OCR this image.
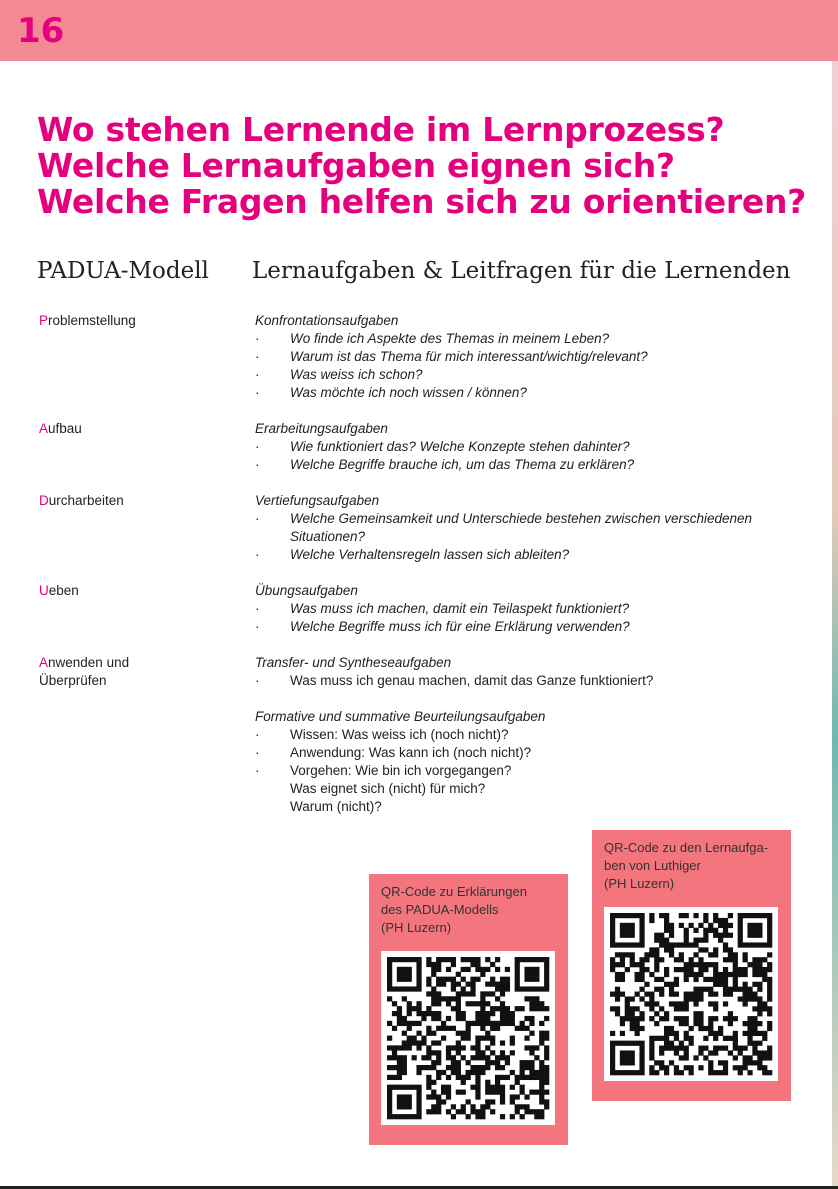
16
Wo stehen Lernende im Lernprozess?
Welche Lernaufgaben eignen sich?
Welche Fragen helfen sich zu orientieren?
PADUA-Modell Lernaufgaben & Leitfragen für die Lernenden
Problemstellung
Aufbau
Durcharbeiten
Ueben
Anwenden und
Überprüfen
Konfrontationsaufgaben
· Wo finde ich Aspekte des Themas in meinem Leben?
· Warum ist das Thema für mich interessant/wichtig/relevant?
· Was weiss ich schon?
· Was möchte ich noch wissen / können?
Erarbeitungsaufgaben
· Wie funktioniert das? Welche Konzepte stehen dahinter?
· Welche Begriffe brauche ich, um das Thema zu erklären?
Vertiefungsaufgaben
· Welche Gemeinsamkeit und Unterschiede bestehen zwischen verschiedenen
Situationen?
· Welche Verhaltensregeln lassen sich ableiten?
Übungsaufgaben
· Was muss ich machen, damit ein Teilaspekt funktioniert?
· Welche Begriffe muss ich für eine Erklärung verwenden?
Transfer- und Syntheseaufgaben
· Was muss ich genau machen, damit das Ganze funktioniert?
Formative und summative Beurteilungsaufgaben
· Wissen: Was weiss ich (noch nicht)?
· Anwendung: Was kann ich (noch nicht)?
· Vorgehen: Wie bin ich vorgegangen?
Was eignet sich (nicht) für mich?
Warum (nicht)?
QR-Code zu Erklärungen
des PADUA-Modells
(PH Luzern)
QR-Code zu den Lernaufga-
ben von Luthiger
(PH Luzern)
